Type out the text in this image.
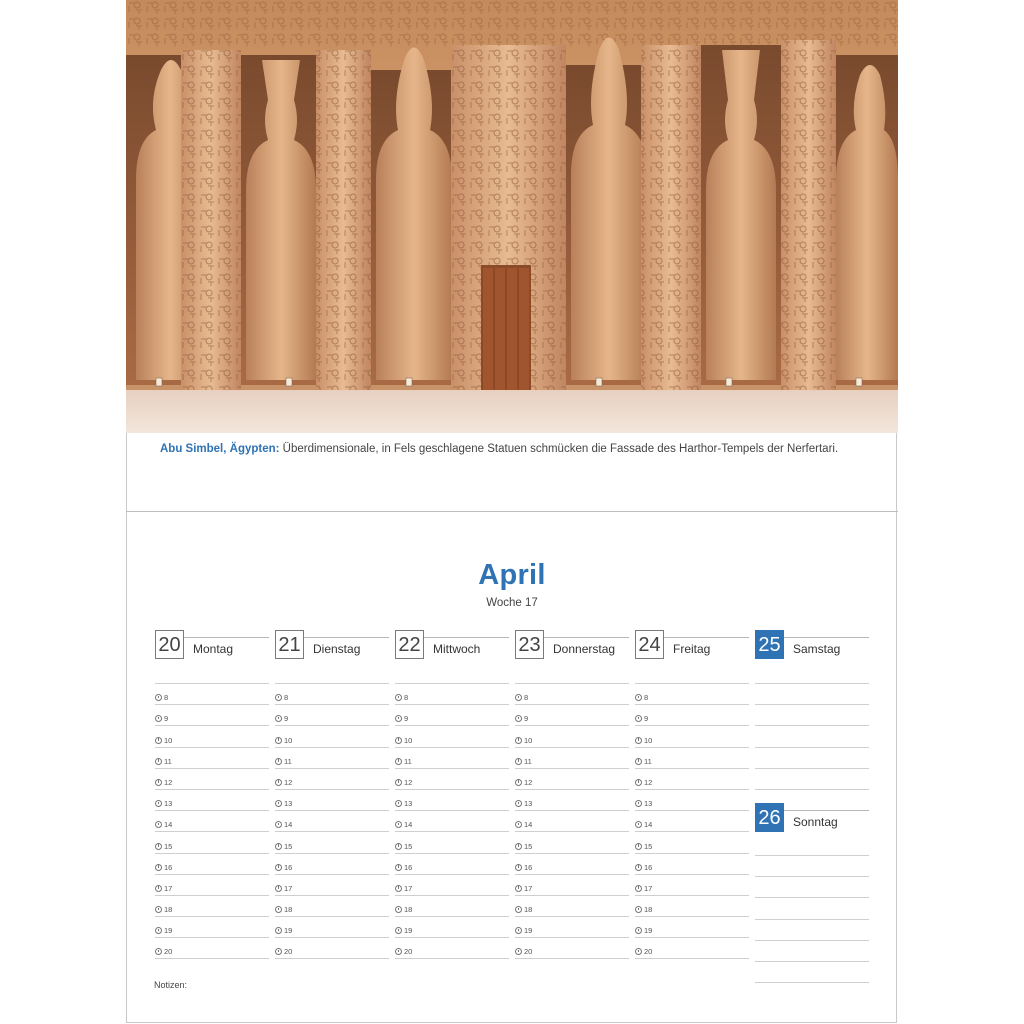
Abu Simbel, Ägypten: Überdimensionale, in Fels geschlagene Statuen schmücken die Fassade des Harthor-Tempels der Nerfertari.
April
Woche 17
20 Montag
8
9
10
11
12
13
14
15
16
17
18
19
20
21 Dienstag
8
9
10
11
12
13
14
15
16
17
18
19
20
22 Mittwoch
8
9
10
11
12
13
14
15
16
17
18
19
20
23 Donnerstag
8
9
10
11
12
13
14
15
16
17
18
19
20
24 Freitag
8
9
10
11
12
13
14
15
16
17
18
19
20
25 Samstag
26 Sonntag
Notizen:
